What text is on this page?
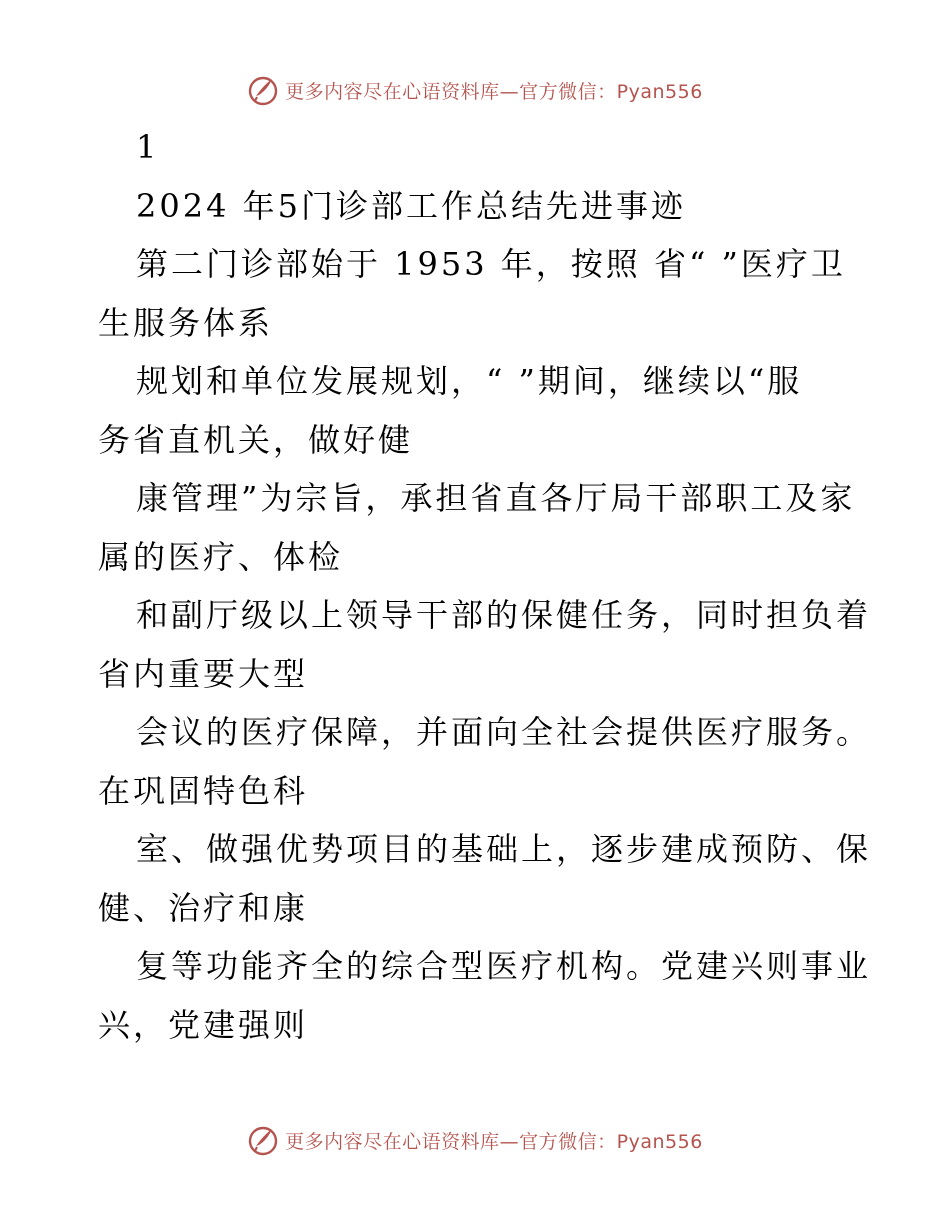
更多内容尽在心语资料库—官方微信：Pyan556
1
2024 年5门诊部工作总结先进事迹
第二门诊部始于 1953 年，按照 省“ ”医疗卫
生服务体系
规划和单位发展规划，“ ”期间，继续以“服
务省直机关，做好健
康管理”为宗旨，承担省直各厅局干部职工及家
属的医疗、体检
和副厅级以上领导干部的保健任务，同时担负着
省内重要大型
会议的医疗保障，并面向全社会提供医疗服务。
在巩固特色科
室、做强优势项目的基础上，逐步建成预防、保
健、治疗和康
复等功能齐全的综合型医疗机构。党建兴则事业
兴，党建强则
更多内容尽在心语资料库—官方微信：Pyan556
